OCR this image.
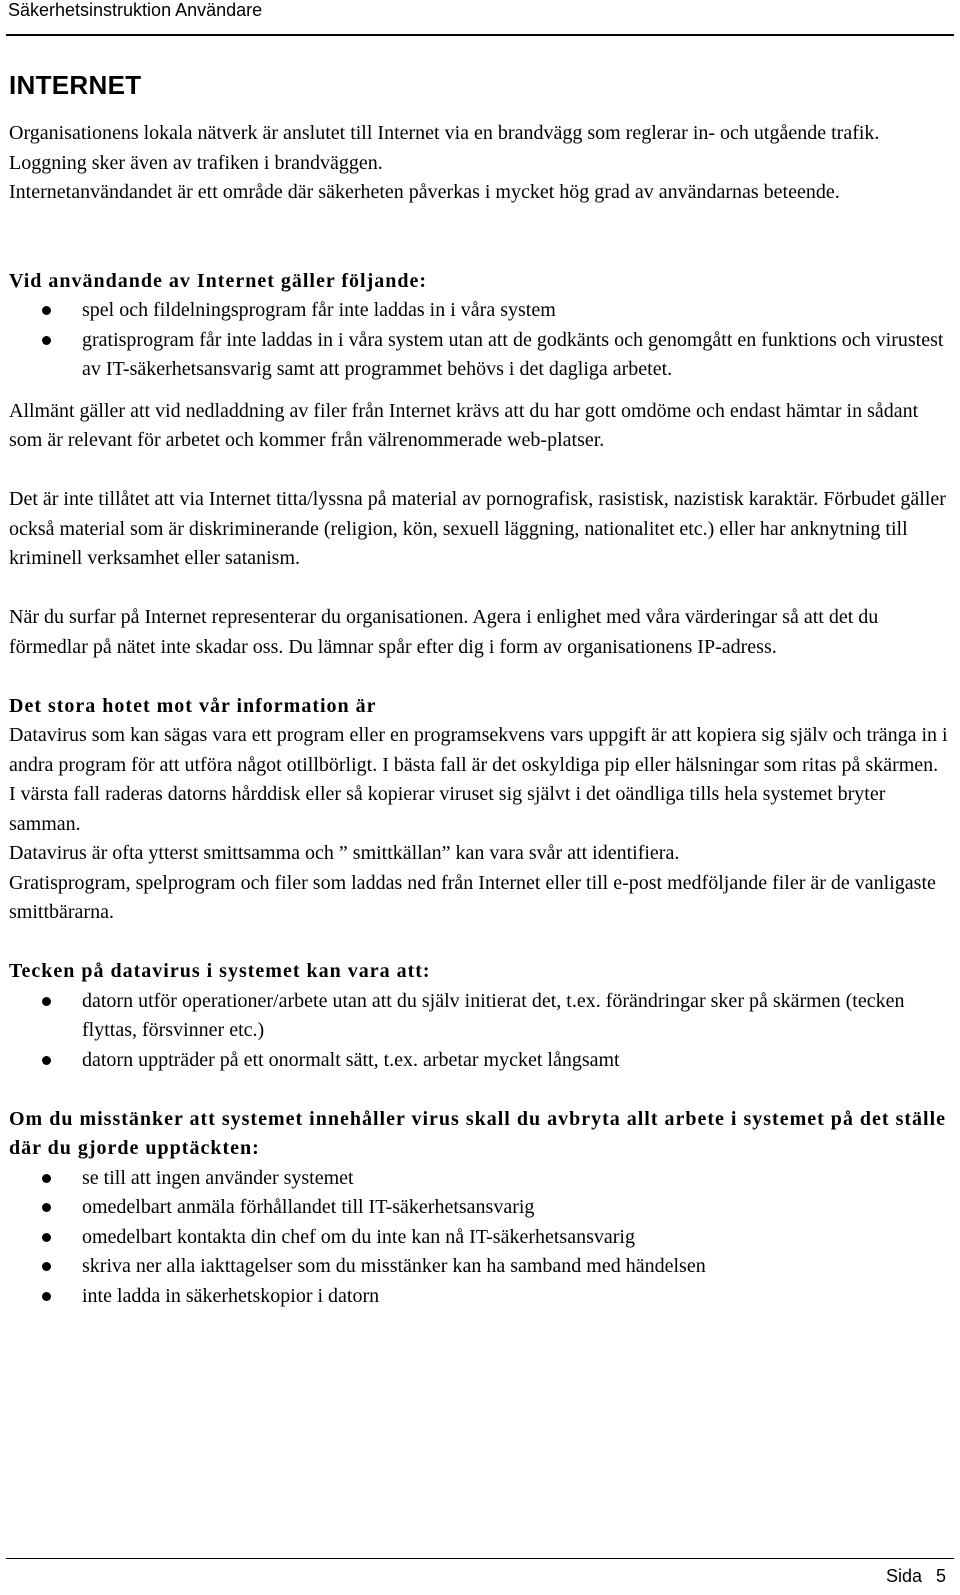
Säkerhetsinstruktion Användare
INTERNET

Organisationens lokala nätverk är anslutet till Internet via en brandvägg som reglerar in- och utgående trafik. Loggning sker även av trafiken i brandväggen.

Internetanvändandet är ett område där säkerheten påverkas i mycket hög grad av användarnas beteende.

Vid användande av Internet gäller följande:

spel och fildelningsprogram får inte laddas in i våra system
gratisprogram får inte laddas in i våra system utan att de godkänts och genomgått en funktions och virustest av IT-säkerhetsansvarig samt att programmet behövs i det dagliga arbetet.

Allmänt gäller att vid nedladdning av filer från Internet krävs att du har gott omdöme och endast hämtar in sådant som är relevant för arbetet och kommer från välrenommerade web-platser.

Det är inte tillåtet att via Internet titta/lyssna på material av pornografisk, rasistisk, nazistisk karaktär. Förbudet gäller också material som är diskriminerande (religion, kön, sexuell läggning, nationalitet etc.) eller har anknytning till kriminell verksamhet eller satanism.

När du surfar på Internet representerar du organisationen. Agera i enlighet med våra värderingar så att det du förmedlar på nätet inte skadar oss. Du lämnar spår efter dig i form av organisationens IP-adress.

Det stora hotet mot vår information är

Datavirus som kan sägas vara ett program eller en programsekvens vars uppgift är att kopiera sig själv och tränga in i andra program för att utföra något otillbörligt. I bästa fall är det oskyldiga pip eller hälsningar som ritas på skärmen. I värsta fall raderas datorns hårddisk eller så kopierar viruset sig självt i det oändliga tills hela systemet bryter samman.

Datavirus är ofta ytterst smittsamma och ” smittkällan” kan vara svår att identifiera.

Gratisprogram, spelprogram och filer som laddas ned från Internet eller till e-post medföljande filer är de vanligaste smittbärarna.

Tecken på datavirus i systemet kan vara att:

datorn utför operationer/arbete utan att du själv initierat det, t.ex. förändringar sker på skärmen (tecken flyttas, försvinner etc.)
datorn uppträder på ett onormalt sätt, t.ex. arbetar mycket långsamt

Om du misstänker att systemet innehåller virus skall du avbryta allt arbete i systemet på det ställe där du gjorde upptäckten:

se till att ingen använder systemet
omedelbart anmäla förhållandet till IT-säkerhetsansvarig
omedelbart kontakta din chef om du inte kan nå IT-säkerhetsansvarig
skriva ner alla iakttagelser som du misstänker kan ha samband med händelsen
inte ladda in säkerhetskopior i datorn
Sida 5
